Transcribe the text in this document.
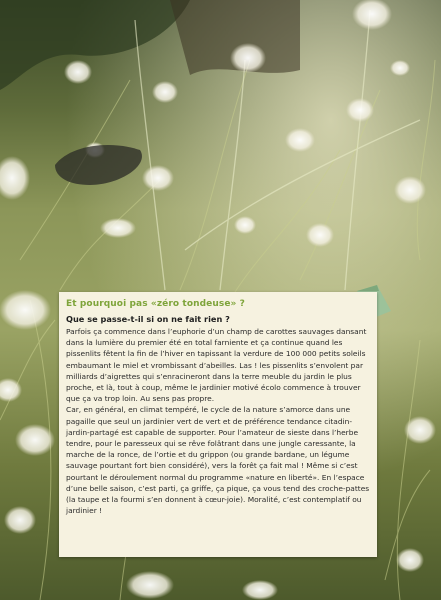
Et pourquoi pas «zéro tondeuse» ?
Que se passe-t-il si on ne fait rien ?

Parfois ça commence dans l’euphorie d’un champ de carottes sauvages dansant dans la lumière du premier été en total farniente et ça continue quand les pissenlits fêtent la fin de l’hiver en tapissant la verdure de 100 000 petits soleils embaumant le miel et vrombissant d’abeilles. Las ! les pissenlits s’envolent par milliards d’aigrettes qui s’enracineront dans la terre meuble du jardin le plus proche, et là, tout à coup, même le jardinier motivé écolo commence à trouver que ça va trop loin. Au sens pas propre.

Car, en général, en climat tempéré, le cycle de la nature s’amorce dans une pagaille que seul un jardinier vert de vert et de préférence tendance citadin-jardin-partagé est capable de supporter. Pour l’amateur de sieste dans l’herbe tendre, pour le paresseux qui se rêve folâtrant dans une jungle caressante, la marche de la ronce, de l’ortie et du grippon (ou grande bardane, un légume sauvage pourtant fort bien considéré), vers la forêt ça fait mal ! Même si c’est pourtant le déroulement normal du programme «nature en liberté». En l’espace d’une belle saison, c’est parti, ça griffe, ça pique, ça vous tend des croche-pattes (la taupe et la fourmi s’en donnent à cœur-joie). Moralité, c’est contemplatif ou jardinier !
